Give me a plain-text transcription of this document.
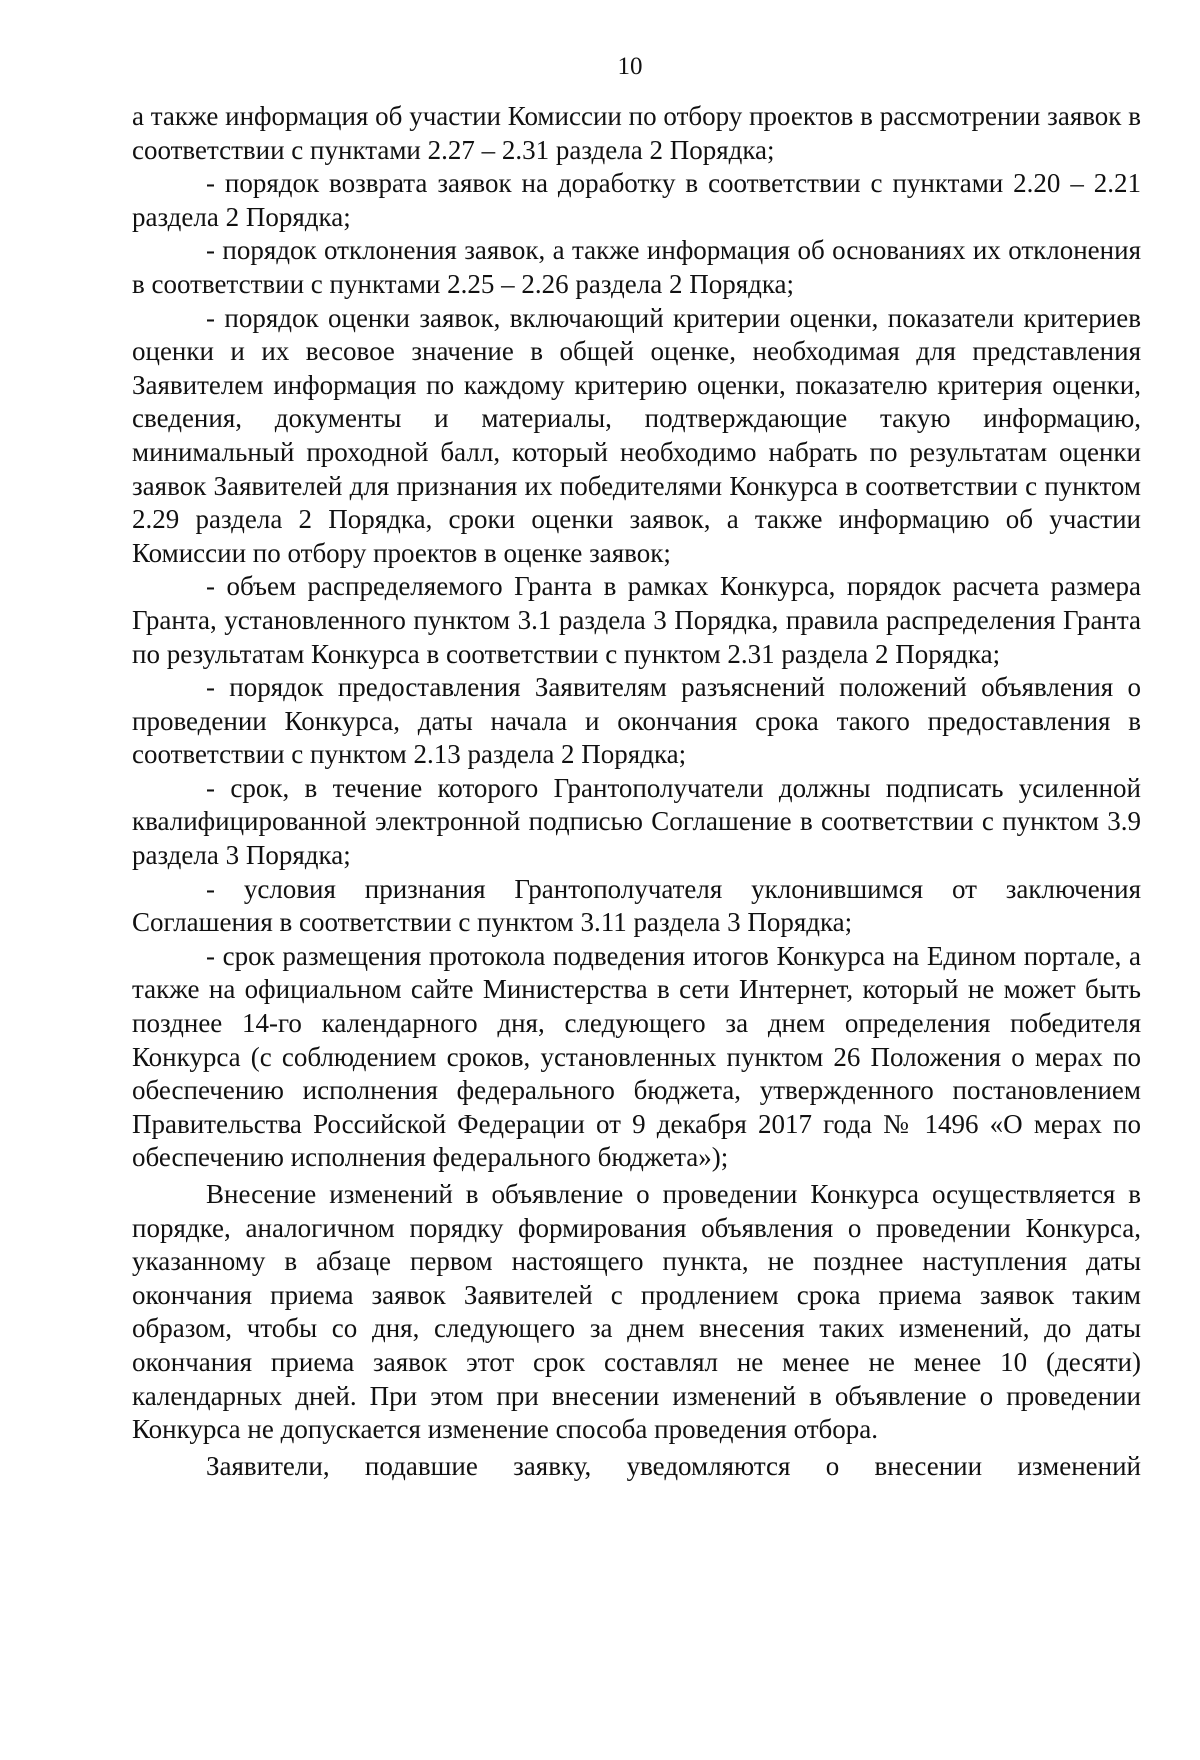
10

а также информация об участии Комиссии по отбору проектов в рассмотрении заявок в соответствии с пунктами 2.27 – 2.31 раздела 2 Порядка;

- порядок возврата заявок на доработку в соответствии с пунктами 2.20 – 2.21 раздела 2 Порядка;

- порядок отклонения заявок, а также информация об основаниях их отклонения в соответствии с пунктами 2.25 – 2.26 раздела 2 Порядка;

- порядок оценки заявок, включающий критерии оценки, показатели критериев оценки и их весовое значение в общей оценке, необходимая для представления Заявителем информация по каждому критерию оценки, показателю критерия оценки, сведения, документы и материалы, подтверждающие такую информацию, минимальный проходной балл, который необходимо набрать по результатам оценки заявок Заявителей для признания их победителями Конкурса в соответствии с пунктом 2.29 раздела 2 Порядка, сроки оценки заявок, а также информацию об участии Комиссии по отбору проектов в оценке заявок;

- объем распределяемого Гранта в рамках Конкурса, порядок расчета размера Гранта, установленного пунктом 3.1 раздела 3 Порядка, правила распределения Гранта по результатам Конкурса в соответствии с пунктом 2.31 раздела 2 Порядка;

- порядок предоставления Заявителям разъяснений положений объявления о проведении Конкурса, даты начала и окончания срока такого предоставления в соответствии с пунктом 2.13 раздела 2 Порядка;

- срок, в течение которого Грантополучатели должны подписать усиленной квалифицированной электронной подписью Соглашение в соответствии с пунктом 3.9 раздела 3 Порядка;

- условия признания Грантополучателя уклонившимся от заключения Соглашения в соответствии с пунктом 3.11 раздела 3 Порядка;

- срок размещения протокола подведения итогов Конкурса на Едином портале, а также на официальном сайте Министерства в сети Интернет, который не может быть позднее 14-го календарного дня, следующего за днем определения победителя Конкурса (с соблюдением сроков, установленных пунктом 26 Положения о мерах по обеспечению исполнения федерального бюджета, утвержденного постановлением Правительства Российской Федерации от 9 декабря 2017 года № 1496 «О мерах по обеспечению исполнения федерального бюджета»);

Внесение изменений в объявление о проведении Конкурса осуществляется в порядке, аналогичном порядку формирования объявления о проведении Конкурса, указанному в абзаце первом настоящего пункта, не позднее наступления даты окончания приема заявок Заявителей с продлением срока приема заявок таким образом, чтобы со дня, следующего за днем внесения таких изменений, до даты окончания приема заявок этот срок составлял не менее не менее 10 (десяти) календарных дней. При этом при внесении изменений в объявление о проведении Конкурса не допускается изменение способа проведения отбора.

Заявители, подавшие заявку, уведомляются о внесении изменений
